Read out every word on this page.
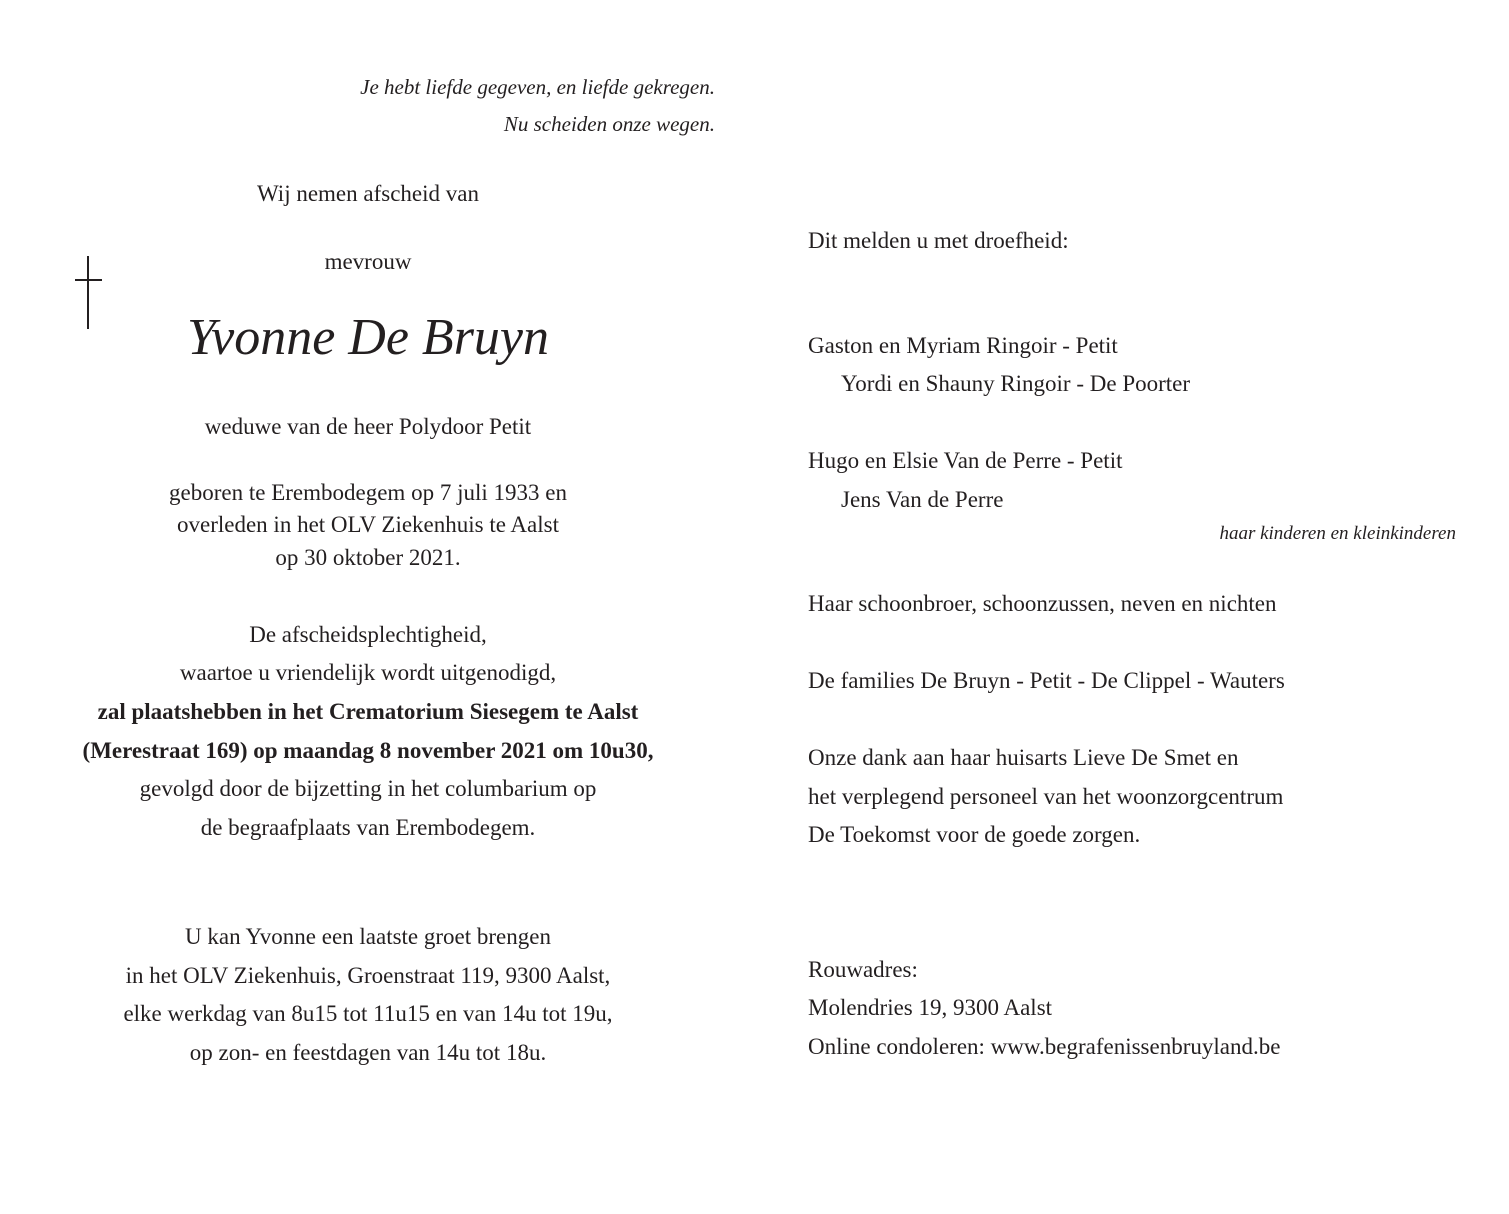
Je hebt liefde gegeven, en liefde gekregen.
Nu scheiden onze wegen.
Wij nemen afscheid van
mevrouw
Yvonne De Bruyn
weduwe van de heer Polydoor Petit
geboren te Erembodegem op 7 juli 1933 en
overleden in het OLV Ziekenhuis te Aalst
op 30 oktober 2021.
De afscheidsplechtigheid,
waartoe u vriendelijk wordt uitgenodigd,
zal plaatshebben in het Crematorium Siesegem te Aalst
(Merestraat 169) op maandag 8 november 2021 om 10u30,
gevolgd door de bijzetting in het columbarium op
de begraafplaats van Erembodegem.
U kan Yvonne een laatste groet brengen
in het OLV Ziekenhuis, Groenstraat 119, 9300 Aalst,
elke werkdag van 8u15 tot 11u15 en van 14u tot 19u,
op zon- en feestdagen van 14u tot 18u.
Dit melden u met droefheid:
Gaston en Myriam Ringoir - Petit
Yordi en Shauny Ringoir - De Poorter
Hugo en Elsie Van de Perre - Petit
Jens Van de Perre
haar kinderen en kleinkinderen
Haar schoonbroer, schoonzussen, neven en nichten
De families De Bruyn - Petit - De Clippel - Wauters
Onze dank aan haar huisarts Lieve De Smet en
het verplegend personeel van het woonzorgcentrum
De Toekomst voor de goede zorgen.
Rouwadres:
Molendries 19, 9300 Aalst
Online condoleren: www.begrafenissenbruyland.be
